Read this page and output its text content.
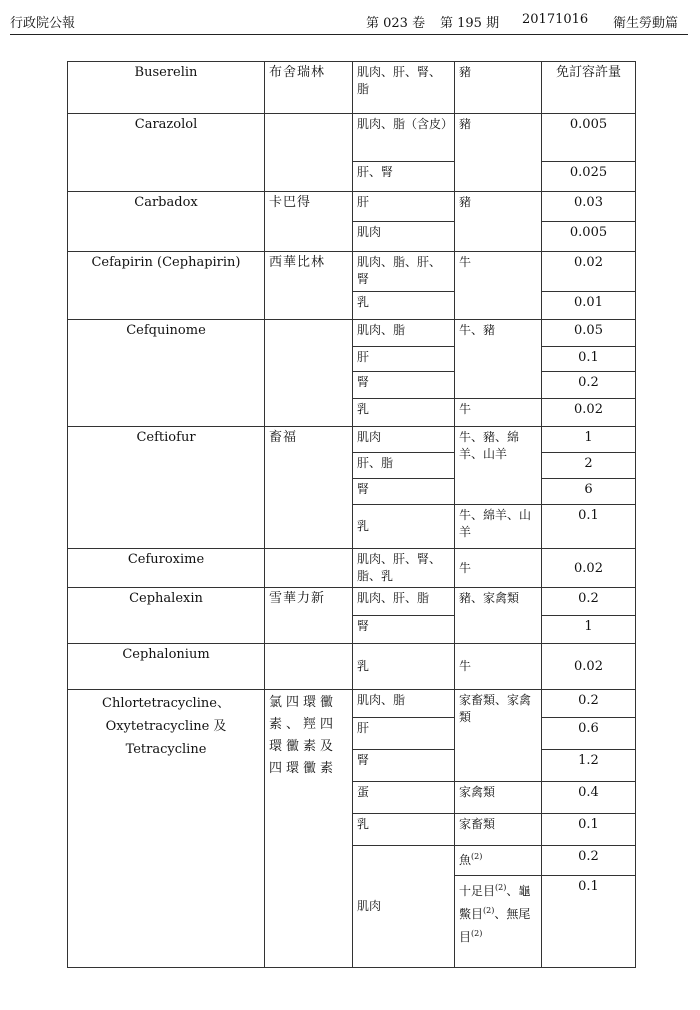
行政院公報	第 023 卷 第 195 期 20171016 衛生勞動篇
Buserelin	布舍瑞林	肌肉、肝、腎、脂	豬	免訂容許量
Carazolol		肌肉、脂（含皮）	豬	0.005
		肝、腎		0.025
Carbadox	卡巴得	肝	豬	0.03
		肌肉		0.005
Cefapirin (Cephapirin)	西華比林	肌肉、脂、肝、腎	牛	0.02
		乳		0.01
Cefquinome		肌肉、脂	牛、豬	0.05
		肝		0.1
		腎		0.2
		乳	牛	0.02
Ceftiofur	畜福	肌肉	牛、豬、綿羊、山羊	1
		肝、脂		2
		腎		6
		乳	牛、綿羊、山羊	0.1
Cefuroxime		肌肉、肝、腎、脂、乳	牛	0.02
Cephalexin	雪華力新	肌肉、肝、脂	豬、家禽類	0.2
		腎		1
Cephalonium		乳	牛	0.02

Chlortetracycline、
Oxytetracycline 及
Tetracycline	氯四環黴素、羥四環黴素及四環黴素	肌肉、脂	家畜類、家禽類	0.2
		肝		0.6
		腎		1.2
		蛋	家禽類	0.4
		乳	家畜類	0.1
		肌肉	魚$^{(2)}$	0.2
			十足目$^{(2)}$、龜鱉目$^{(2)}$、無尾目$^{(2)}$	0.1
